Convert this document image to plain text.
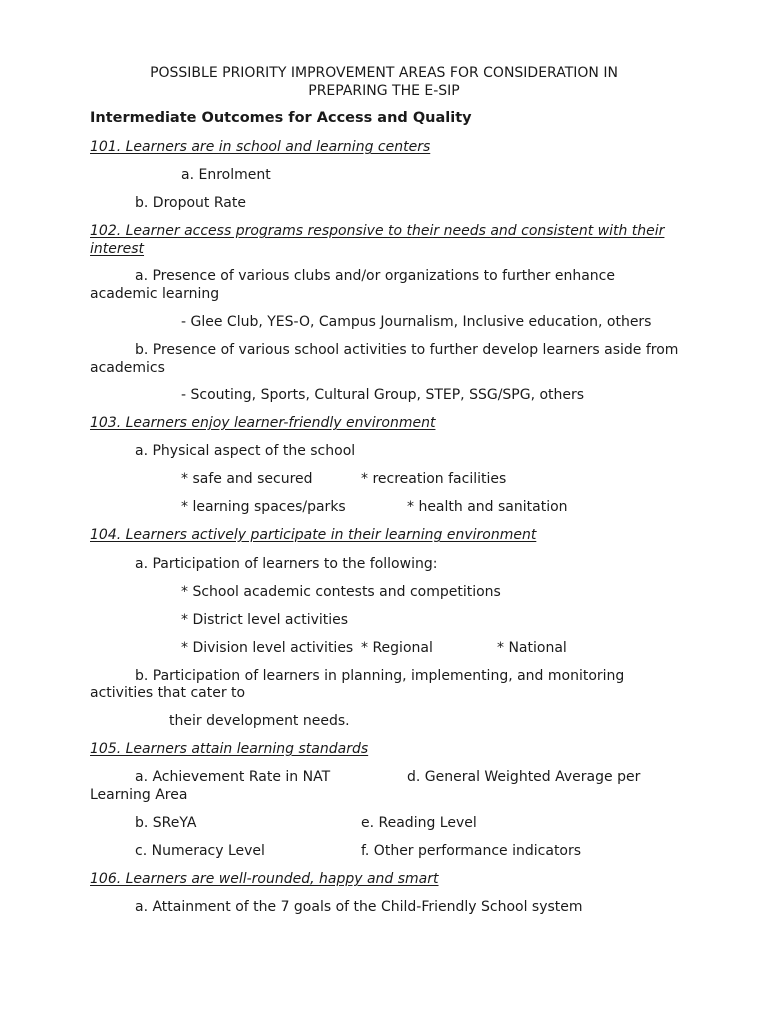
POSSIBLE PRIORITY IMPROVEMENT AREAS FOR CONSIDERATION IN
PREPARING THE E-SIP
Intermediate Outcomes for Access and Quality
101. Learners are in school and learning centers
a. Enrolment
b. Dropout Rate
102. Learner access programs responsive to their needs and consistent with their
interest
a. Presence of various clubs and/or organizations to further enhance
academic learning
- Glee Club, YES-O, Campus Journalism, Inclusive education, others
b. Presence of various school activities to further develop learners aside from
academics
- Scouting, Sports, Cultural Group, STEP, SSG/SPG, others
103. Learners enjoy learner-friendly environment
a. Physical aspect of the school
* safe and secured	* recreation facilities
* learning spaces/parks	* health and sanitation
104. Learners actively participate in their learning environment
a. Participation of learners to the following:
* School academic contests and competitions
* District level activities
* Division level activities * Regional	* National
b. Participation of learners in planning, implementing, and monitoring
activities that cater to
their development needs.
105. Learners attain learning standards
a. Achievement Rate in NAT	d. General Weighted Average per
Learning Area
b. SReYA	e. Reading Level
c. Numeracy Level	f. Other performance indicators
106. Learners are well-rounded, happy and smart
a. Attainment of the 7 goals of the Child-Friendly School system
